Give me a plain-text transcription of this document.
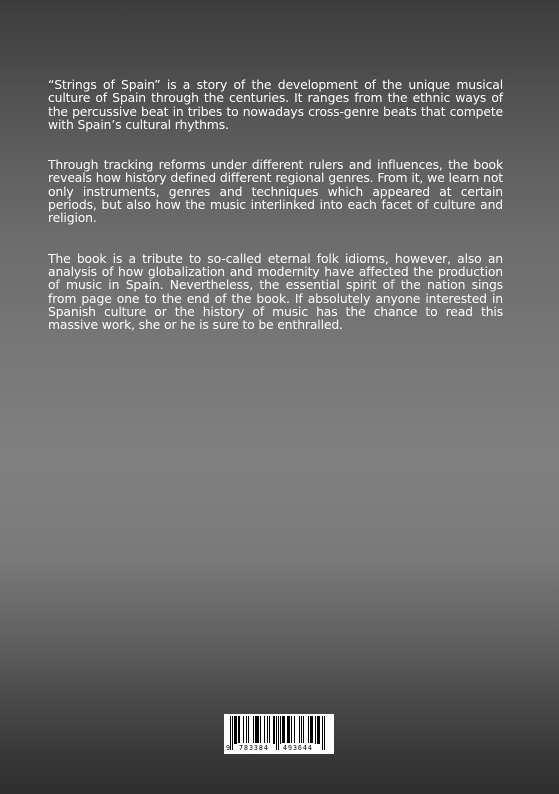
“Strings of Spain” is a story of the development of the unique musical culture of Spain through the centuries. It ranges from the ethnic ways of the percussive beat in tribes to nowadays cross-genre beats that compete with Spain’s cultural rhythms.

Through tracking reforms under different rulers and influences, the book reveals how history defined different regional genres. From it, we learn not only instruments, genres and techniques which appeared at certain periods, but also how the music interlinked into each facet of culture and religion.

The book is a tribute to so-called eternal folk idioms, however, also an analysis of how globalization and modernity have affected the production of music in Spain. Nevertheless, the essential spirit of the nation sings from page one to the end of the book. If absolutely anyone interested in Spanish culture or the history of music has the chance to read this massive work, she or he is sure to be enthralled.

9 783384 493644
